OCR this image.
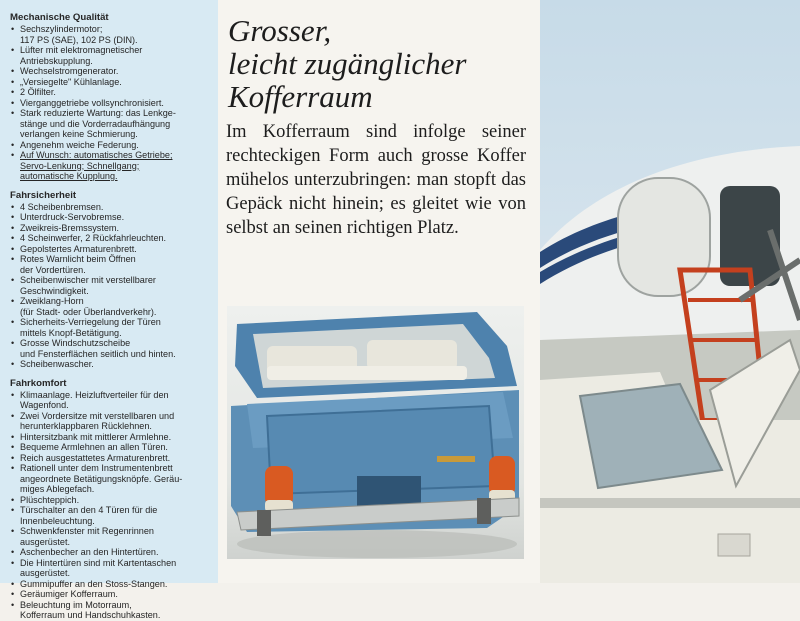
Mechanische Qualität
• Sechszylindermotor;
117 PS (SAE), 102 PS (DIN).
• Lüfter mit elektromagnetischer
Antriebskupplung.
• Wechselstromgenerator.
• „Versiegelte" Kühlanlage.
• 2 Ölfilter.
• Vierganggetriebe vollsynchronisiert.
• Stark reduzierte Wartung: das Lenkge-
stänge und die Vorderradaufhängung
verlangen keine Schmierung.
• Angenehm weiche Federung.
• Auf Wunsch: automatisches Getriebe;
Servo-Lenkung; Schnellgang;
automatische Kupplung.
Fahrsicherheit
• 4 Scheibenbremsen.
• Unterdruck-Servobremse.
• Zweikreis-Bremssystem.
• 4 Scheinwerfer, 2 Rückfahrleuchten.
• Gepolstertes Armaturenbrett.
• Rotes Warnlicht beim Öffnen
der Vordertüren.
• Scheibenwischer mit verstellbarer
Geschwindigkeit.
• Zweiklang-Horn
(für Stadt- oder Überlandverkehr).
• Sicherheits-Verriegelung der Türen
mittels Knopf-Betätigung.
• Grosse Windschutzscheibe
und Fensterflächen seitlich und hinten.
• Scheibenwascher.
Fahrkomfort
• Klimaanlage. Heizluftverteiler für den
Wagenfond.
• Zwei Vordersitze mit verstellbaren und
herunterklappbaren Rücklehnen.
• Hintersitzbank mit mittlerer Armlehne.
• Bequeme Armlehnen an allen Türen.
• Reich ausgestattetes Armaturenbrett.
• Rationell unter dem Instrumentenbrett
angeordnete Betätigungsknöpfe. Geräu-
miges Ablegefach.
• Plüschteppich.
• Türschalter an den 4 Türen für die
Innenbeleuchtung.
• Schwenkfenster mit Regenrinnen
ausgerüstet.
• Aschenbecher an den Hintertüren.
• Die Hintertüren sind mit Kartentaschen
ausgerüstet.
• Gummipuffer an den Stoss-Stangen.
• Geräumiger Kofferraum.
• Beleuchtung im Motorraum,
Kofferraum und Handschuhkasten.
Grosser,
leicht zugänglicher
Kofferraum
Im Kofferraum sind infolge seiner rechteckigen Form auch grosse Koffer mühelos unterzubringen: man stopft das Gepäck nicht hinein; es gleitet wie von selbst an seinen richtigen Platz.
